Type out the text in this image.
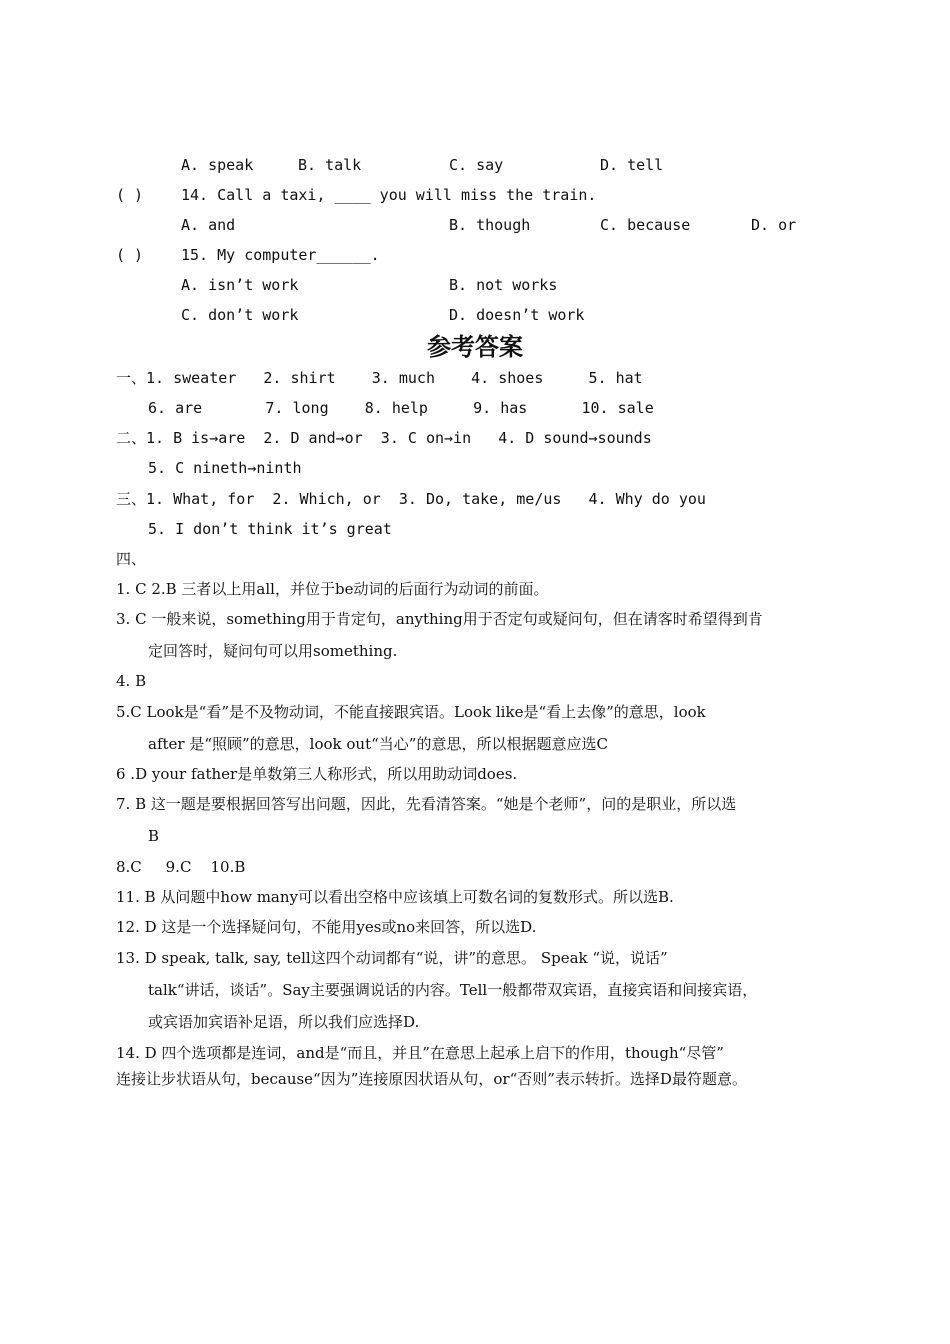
A. speak	B. talk	C. say	D. tell
( )	14. Call a taxi, ____ you will miss the train.
A. and	B. though	C. because	D. or
( )	15. My computer______.
A. isn’t work	B. not works
C. don’t work	D. doesn’t work
参考答案
一、1. sweater   2. shirt    3. much    4. shoes     5. hat
6. are       7. long    8. help     9. has      10. sale
二、1. B is→are  2. D and→or  3. C on→in   4. D sound→sounds
5. C nineth→ninth
三、1. What, for  2. Which, or  3. Do, take, me/us   4. Why do you
5. I don’t think it’s great
四、
1. C 2.B 三者以上用all，并位于be动词的后面行为动词的前面。
3. C 一般来说，something用于肯定句，anything用于否定句或疑问句，但在请客时希望得到肯
定回答时，疑问句可以用something.
4. B
5.C Look是“看”是不及物动词，不能直接跟宾语。Look like是“看上去像”的意思，look
after 是“照顾”的意思，look out“当心”的意思，所以根据题意应选C
6 .D your father是单数第三人称形式，所以用助动词does.
7. B 这一题是要根据回答写出问题，因此，先看清答案。“她是个老师”，问的是职业，所以选
B
8.C     9.C    10.B
11. B 从问题中how many可以看出空格中应该填上可数名词的复数形式。所以选B.
12. D 这是一个选择疑问句，不能用yes或no来回答，所以选D.
13. D speak, talk, say, tell这四个动词都有“说，讲”的意思。 Speak “说，说话”
talk“讲话，谈话”。Say主要强调说话的内容。Tell一般都带双宾语，直接宾语和间接宾语，
或宾语加宾语补足语，所以我们应选择D.
14. D 四个选项都是连词，and是“而且，并且”在意思上起承上启下的作用，though“尽管”
连接让步状语从句，because“因为”连接原因状语从句，or“否则”表示转折。选择D最符题意。
